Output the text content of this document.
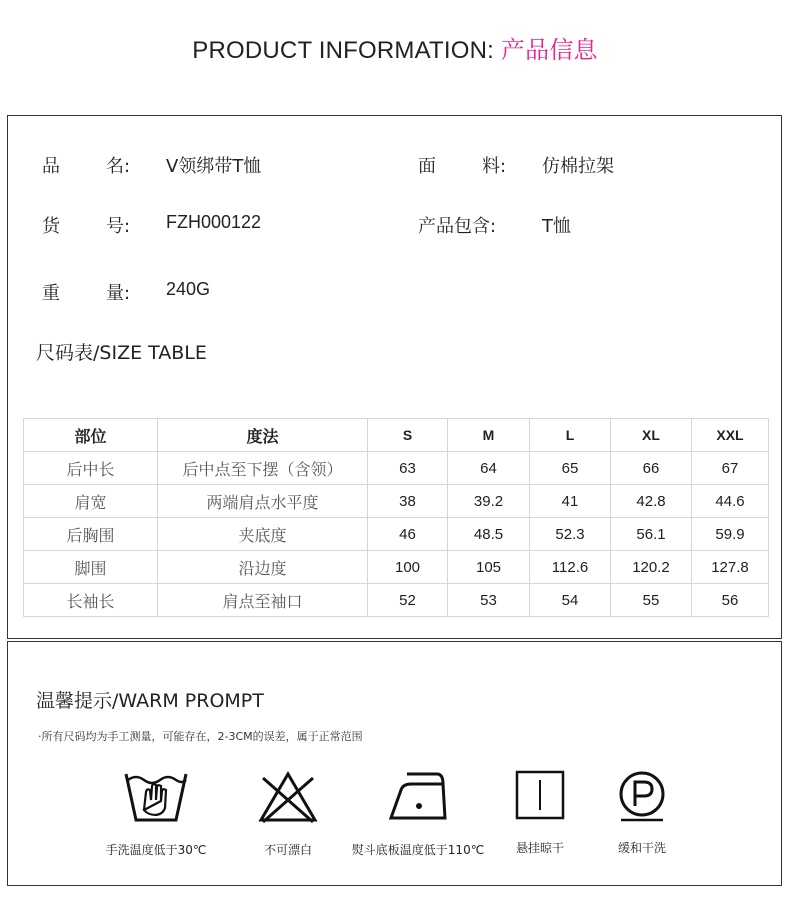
PRODUCT INFORMATION: 产品信息
品	名: V领绑带T恤	面	料: 仿棉拉架
货	号: FZH000122	产品包含:	T恤
重	量: 240G
尺码表/SIZE TABLE
部位	度法	S	M	L	XL	XXL
后中长	后中点至下摆（含领）	63	64	65	66	67
肩宽	两端肩点水平度	38	39.2	41	42.8	44.6
后胸围	夹底度	46	48.5	52.3	56.1	59.9
脚围	沿边度	100	105	112.6	120.2	127.8
长袖长	肩点至袖口	52	53	54	55	56
温馨提示/WARM PROMPT
·所有尺码均为手工测量，可能存在，2-3CM的误差，属于正常范围
手洗温度低于30℃	不可漂白	熨斗底板温度低于110℃	悬挂晾干	缓和干洗
